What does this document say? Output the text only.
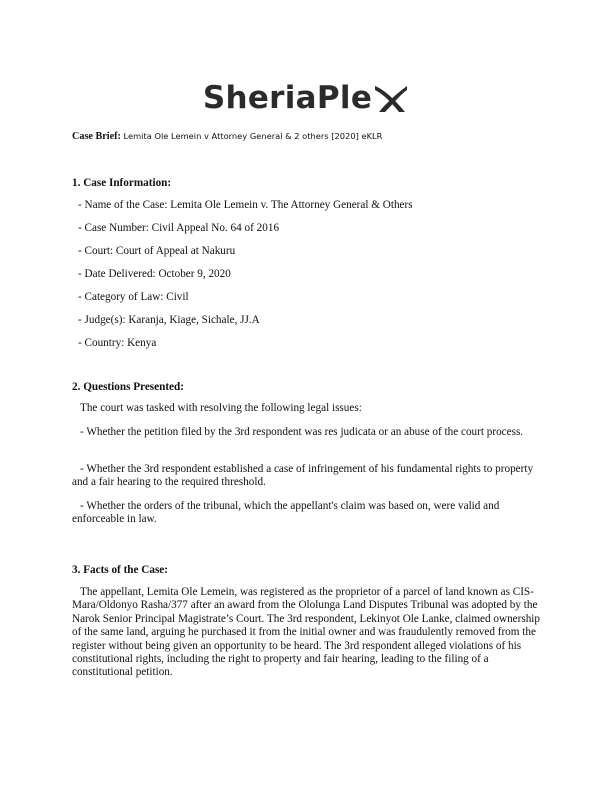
SheriaPle
Case Brief: Lemita Ole Lemein v Attorney General & 2 others [2020] eKLR
1. Case Information:
- Name of the Case: Lemita Ole Lemein v. The Attorney General & Others
- Case Number: Civil Appeal No. 64 of 2016
- Court: Court of Appeal at Nakuru
- Date Delivered: October 9, 2020
- Category of Law: Civil
- Judge(s): Karanja, Kiage, Sichale, JJ.A
- Country: Kenya
2. Questions Presented:
The court was tasked with resolving the following legal issues:
- Whether the petition filed by the 3rd respondent was res judicata or an abuse of the court process.
- Whether the 3rd respondent established a case of infringement of his fundamental rights to property and a fair hearing to the required threshold.
- Whether the orders of the tribunal, which the appellant's claim was based on, were valid and enforceable in law.
3. Facts of the Case:
The appellant, Lemita Ole Lemein, was registered as the proprietor of a parcel of land known as CIS-Mara/Oldonyo Rasha/377 after an award from the Ololunga Land Disputes Tribunal was adopted by the Narok Senior Principal Magistrate’s Court. The 3rd respondent, Lekinyot Ole Lanke, claimed ownership of the same land, arguing he purchased it from the initial owner and was fraudulently removed from the register without being given an opportunity to be heard. The 3rd respondent alleged violations of his constitutional rights, including the right to property and fair hearing, leading to the filing of a constitutional petition.
